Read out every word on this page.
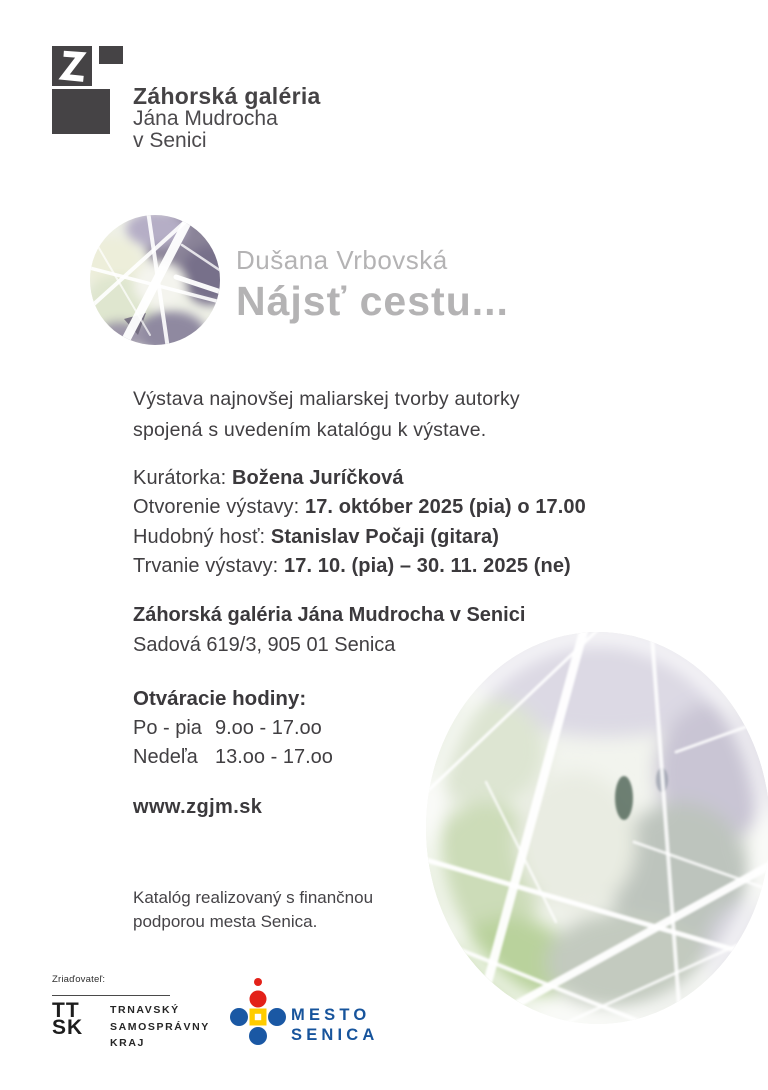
Záhorská galéria
Jána Mudrocha
v Senici
Dušana Vrbovská
Nájsť cestu...
Výstava najnovšej maliarskej tvorby autorky
spojená s uvedením katalógu k výstave.
Kurátorka: Božena Juríčková
Otvorenie výstavy: 17. október 2025 (pia) o 17.00
Hudobný hosť: Stanislav Počaji (gitara)
Trvanie výstavy: 17. 10. (pia) – 30. 11. 2025 (ne)
Záhorská galéria Jána Mudrocha v Senici
Sadová 619/3, 905 01 Senica
Otváracie hodiny:
Po - pia 9.oo - 17.oo
Nedeľa 13.oo - 17.oo
www.zgjm.sk
Katalóg realizovaný s finančnou
podporou mesta Senica.
Zriaďovateľ:
TT
SK
TRNAVSKÝ
SAMOSPRÁVNY
KRAJ
MESTO
SENICA
